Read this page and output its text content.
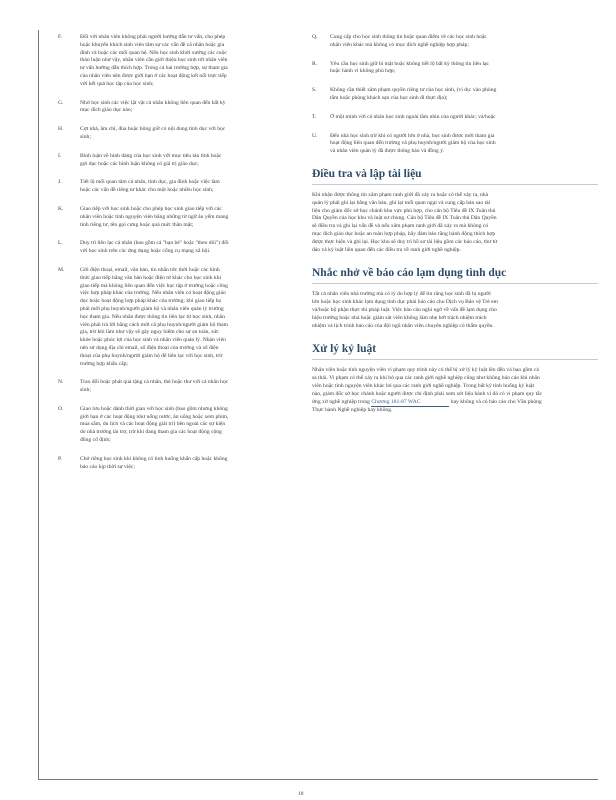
F.	Đối với nhân viên không phải người hướng dẫn tư vấn, cho phép hoặc khuyến khích sinh viên tâm sự các vấn đề cá nhân hoặc gia đình và hoặc các mối quan hệ. Nếu học sinh khởi xướng các cuộc thảo luận như vậy, nhân viên cần giới thiệu học sinh tới nhân viên tư vấn hướng dẫn thích hợp. Trong cả hai trường hợp, sự tham gia của nhân viên nên được giới hạn ở các hoạt động kết nối trực tiếp với kết quả học tập của học sinh;
G.	Nhờ học sinh các việc lặt vặt cá nhân không liên quan đến bất kỳ mục đích giáo dục nào;
H.	Cợt nhả, âm chỉ, đùa hoặc bông giỡ có nội dung tình dục với học sinh;
I.	Bình luận về hình dáng của học sinh với mục tiêu tán tỉnh hoặc gợi dục hoặc các bình luận không có giá trị giáo dục;
J.	Tiết lộ mối quan tâm cá nhân, tình dục, gia đình hoặc việc làm hoặc các vấn đề riêng tư khác cho một hoặc nhiều học sinh;
K.	Giao tiếp với học sinh hoặc cho phép học sinh giao tiếp với các nhân viên hoặc tình nguyện viên bằng những từ ngữ âu yếm mang tính riêng tư, tên gọi cưng hoặc quá mức thân mật;
L.	Duy trì liên lạc cá nhân (bao gồm cả "bạn bè" hoặc "theo dõi") đối với học sinh trên các ứng dụng hoặc cổng cụ mạng xã hội.
M.	Gửi điện thoại, email, văn bản, tin nhắn tức thời hoặc các hình thức giao tiếp bằng văn bản hoặc điện tử khác cho học sinh khi giao tiếp mà không liên quan đến việc học tập ở trường hoặc công việc hợp pháp khác của trường. Nếu nhân viên có hoạt động giáo dục hoặc hoạt động hợp pháp khác của trường; khi giao tiếp họ phải mời phụ huynh/người giám hộ và nhân viên quản lý trường học tham gia. Nếu nhân được thông tin liên lạc từ học sinh, nhân viên phải trả lời bằng cách mời cả phụ huynh/người giám hộ tham gia, trừ khi làm như vậy sẽ gây nguy hiểm cho sự an toàn, sức khỏe hoặc phúc lợi của học sinh và nhân viên quản lý. Nhân viên nên sử dụng địa chỉ email, số điện thoại của trường và số điện thoại của phụ huynh/người giám hộ để liên lạc với học sinh, trừ trường hợp khẩn cấp;
N.	Trao đổi hoặc phát quà tặng cá nhân, thẻ hoặc thư với cá nhân học sinh;
O.	Giao lưu hoặc dành thời gian với học sinh (bao gồm nhưng không giới hạn ở các hoạt động như uống nước, ăn uống hoặc xem phim, mua sắm, du lịch và các hoạt động giải trí) bên ngoài các sự kiện do nhà trường tài trợ, trừ khi đang tham gia các hoạt động cộng đồng cố định;
P.	Chở riêng học sinh khi không có tình huống khẩn cấp hoặc không báo cáo kịp thời sự việc;
Q. Cung cấp cho học sinh thông tin hoặc quan điểm về các học sinh hoặc nhân viên khác mà không có mục đích nghề nghiệp hợp pháp;
R. Yêu cầu học sinh giữ bí mật hoặc không tiết lộ bất kỳ thông tin liên lạc hoặc hành vi không phù hợp;
S. Không cần thiết xâm phạm quyền riêng tư của học sinh, (ví dụ: vào phòng tắm hoặc phòng khách sạn của học sinh đi thực địa);
T. Ở một mình với cá nhân học sinh ngoài tầm nhìn của người khác; và/hoặc
U. Đến nhà học sinh trừ khi có người lớn ở nhà, học sinh được mời tham gia hoạt động liên quan đến trường và phụ huynh/người giám hộ của học sinh và nhân viên quản lý đã được thông báo và đồng ý.
Điều tra và lập tài liệu

Khi nhận được thông tin xâm phạm ranh giới đã xảy ra hoặc có thể xảy ra, nhà quản lý phải ghi lại bằng văn bản, ghi lại mối quan ngại và cung cấp bản sao tài liệu cho giám đốc sở học chánh khu vực phù hợp, cho cán bộ Tiêu đề IX Tuân thủ Dân Quyền của học khu và luật sư chung. Cán bộ Tiêu đề IX Tuân thủ Dân Quyền sẽ điều tra và ghi lại vấn đề và nếu xâm phạm ranh giới đã xảy ra mà không có mục đích giáo dục hoặc an toàn hợp pháp, hãy đảm bảo rằng hành động thích hợp được thực hiện và ghi lại. Học khu sẽ duy trì hồ sơ tài liệu gồm các báo cáo, thư từ đáo và kỷ luật liên quan đến các điều tra về ranh giới nghề nghiệp.

Nhắc nhở về báo cáo lạm dụng tình dục

Tất cả nhân viên nhà trường mà có lý do hợp lý để tin rằng học sinh đã bị người lớn hoặc học sinh khác lạm dụng tình dục phải báo cáo cho Dịch vụ Bảo vệ Trẻ em và/hoặc bộ phận thực thi pháp luật. Việc báo cáo nghi ngờ về vấn đề lạm dụng cho hiệu trưởng hoặc nhà hoặc giám sát viên không làm nhẹ bớt trách nhiệm trách nhiệm và lịch trình báo cáo của đội ngũ nhân viên chuyên nghiệp có thẩm quyền.

Xử lý kỷ luật

Nhân viên hoặc tình nguyện viên vi phạm quy trình này có thể bị xử lý kỷ luật lên đến và bao gồm cả sa thải. Vi phạm có thể xảy ra khi bỏ qua các ranh giới nghề nghiệp cũng như không báo cáo khi nhân viên hoặc tình nguyện viên khác bỏ qua các ranh giới nghề nghiệp. Trong bất kỳ tình huống kỷ luật nào, giám đốc sở học chánh hoặc người được chỉ định phải xem xét liệu hành vi đó có vi phạm quy tắc ứng xử nghề nghiệp trong Chương 181-87 WAC	hay không và có báo cáo cho Văn phòng Thực hành Nghề nghiệp hay không.

18
